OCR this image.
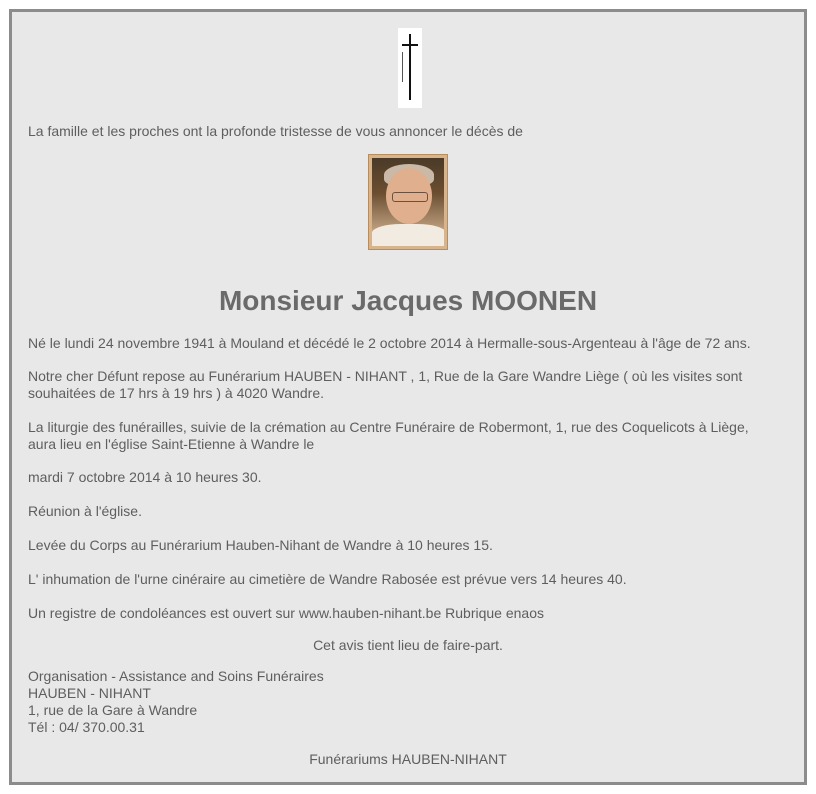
La famille et les proches ont la profonde tristesse de vous annoncer le décès de
Monsieur Jacques MOONEN
Né le lundi 24 novembre 1941 à Mouland et décédé le 2 octobre 2014 à Hermalle-sous-Argenteau à l'âge de 72 ans.
Notre cher Défunt repose au Funérarium HAUBEN - NIHANT , 1, Rue de la Gare Wandre Liège ( où les visites sont
souhaitées de 17 hrs à 19 hrs ) à 4020 Wandre.
La liturgie des funérailles, suivie de la crémation au Centre Funéraire de Robermont, 1, rue des Coquelicots à Liège,
aura lieu en l'église Saint-Etienne à Wandre le
mardi 7 octobre 2014 à 10 heures 30.
Réunion à l'église.
Levée du Corps au Funérarium Hauben-Nihant de Wandre à 10 heures 15.
L' inhumation de l'urne cinéraire au cimetière de Wandre Rabosée est prévue vers 14 heures 40.
Un registre de condoléances est ouvert sur www.hauben-nihant.be Rubrique enaos
Cet avis tient lieu de faire-part.
Organisation - Assistance and Soins Funéraires
HAUBEN - NIHANT
1, rue de la Gare à Wandre
Tél : 04/ 370.00.31
Funérariums HAUBEN-NIHANT
